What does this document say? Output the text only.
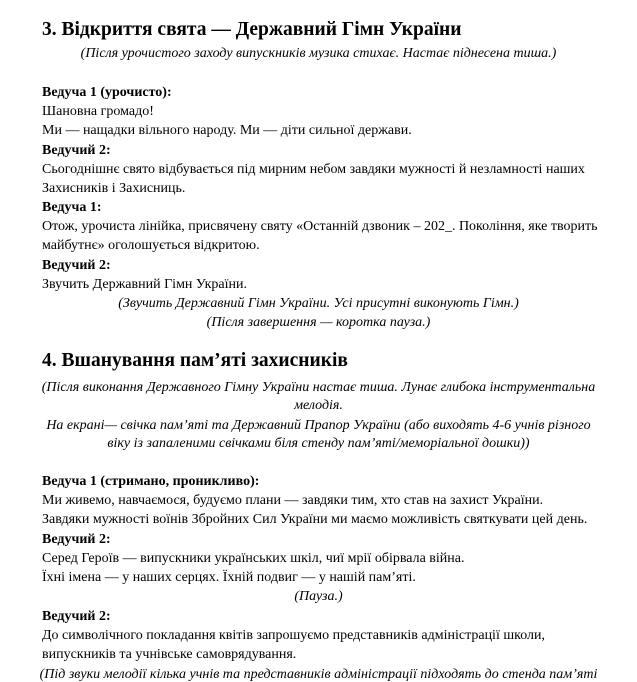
3. Відкриття свята — Державний Гімн України

(Після урочистого заходу випускників музика стихає. Настає піднесена тиша.)

Ведуча 1 (урочисто):

Шановна громадо!

Ми — нащадки вільного народу. Ми — діти сильної держави.

Ведучий 2:

Сьогоднішнє свято відбувається під мирним небом завдяки мужності й незламності наших

Захисників і Захисниць.

Ведуча 1:

Отож, урочиста лінійка, присвячену святу «Останній дзвоник – 202_. Покоління, яке творить

майбутнє» оголошується відкритою.

Ведучий 2:

Звучить Державний Гімн України.

(Звучить Державний Гімн України. Усі присутні виконують Гімн.)

(Після завершення — коротка пауза.)

4. Вшанування пам’яті захисників

(Після виконання Державного Гімну України настає тиша. Лунає глибока інструментальна

мелодія.

На екрані— свічка пам’яті та Державний Прапор України (або виходять 4-6 учнів різного

віку із запаленими свічками біля стенду пам’яті/меморіальної дошки))

Ведуча 1 (стримано, проникливо):

Ми живемо, навчаємося, будуємо плани — завдяки тим, хто став на захист України.

Завдяки мужності воїнів Збройних Сил України ми маємо можливість святкувати цей день.

Ведучий 2:

Серед Героїв — випускники українських шкіл, чиї мрії обірвала війна.

Їхні імена — у наших серцях. Їхній подвиг — у нашій пам’яті.

(Пауза.)

Ведучий 2:

До символічного покладання квітів запрошуємо представників адміністрації школи,

випускників та учнівське самоврядування.

(Під звуки мелодії кілька учнів та представників адміністрації підходять до стенда пам’яті
